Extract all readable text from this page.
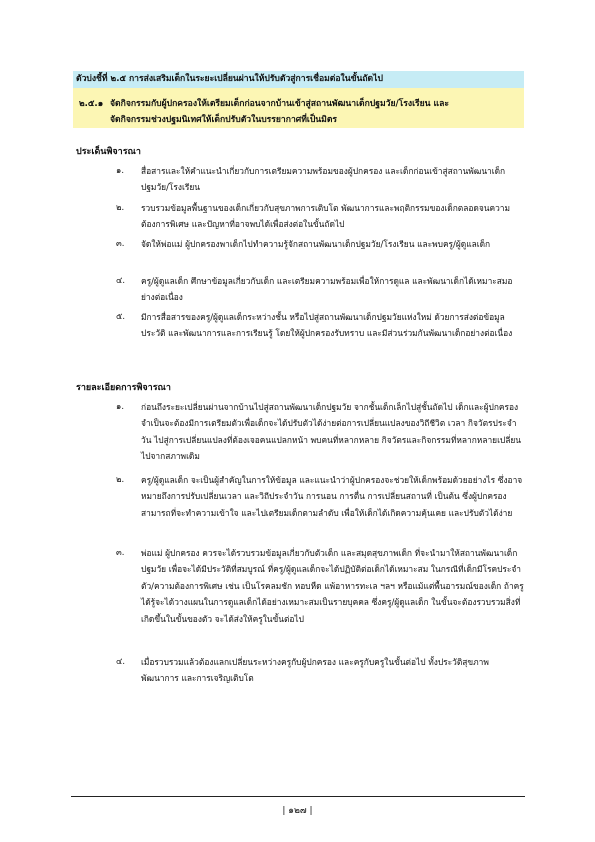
ตัวบ่งชี้ที่ ๒.๕ การส่งเสริมเด็กในระยะเปลี่ยนผ่านให้ปรับตัวสู่การเชื่อมต่อในขั้นถัดไป
๒.๕.๑ จัดกิจกรรมกับผู้ปกครองให้เตรียมเด็กก่อนจากบ้านเข้าสู่สถานพัฒนาเด็กปฐมวัย/โรงเรียน และ
จัดกิจกรรมช่วงปฐมนิเทศให้เด็กปรับตัวในบรรยากาศที่เป็นมิตร
ประเด็นพิจารณา
๑.	สื่อสารและให้คำแนะนำเกี่ยวกับการเตรียมความพร้อมของผู้ปกครอง และเด็กก่อนเข้าสู่สถานพัฒนาเด็กปฐมวัย/โรงเรียน
๒.	รวบรวมข้อมูลพื้นฐานของเด็กเกี่ยวกับสุขภาพการเติบโต พัฒนาการและพฤติกรรมของเด็กตลอดจนความต้องการพิเศษ และปัญหาที่อาจพบได้เพื่อส่งต่อในขั้นถัดไป
๓.	จัดให้พ่อแม่ ผู้ปกครองพาเด็กไปทำความรู้จักสถานพัฒนาเด็กปฐมวัย/โรงเรียน และพบครู/ผู้ดูแลเด็ก
๔.	ครู/ผู้ดูแลเด็ก ศึกษาข้อมูลเกี่ยวกับเด็ก และเตรียมความพร้อมเพื่อให้การดูแล และพัฒนาเด็กได้เหมาะสมอย่างต่อเนื่อง
๕.	มีการสื่อสารของครู/ผู้ดูแลเด็กระหว่างชั้น หรือไปสู่สถานพัฒนาเด็กปฐมวัยแห่งใหม่ ด้วยการส่งต่อข้อมูลประวัติ และพัฒนาการและการเรียนรู้ โดยให้ผู้ปกครองรับทราบ และมีส่วนร่วมกันพัฒนาเด็กอย่างต่อเนื่อง
รายละเอียดการพิจารณา
๑.	ก่อนถึงระยะเปลี่ยนผ่านจากบ้านไปสู่สถานพัฒนาเด็กปฐมวัย จากชั้นเด็กเล็กไปสู่ชั้นถัดไป เด็กและผู้ปกครองจำเป็นจะต้องมีการเตรียมตัวเพื่อเด็กจะได้ปรับตัวได้ง่ายต่อการเปลี่ยนแปลงของวิถีชีวิต เวลา กิจวัตรประจำวัน ไปสู่การเปลี่ยนแปลงที่ต้องเจอคนแปลกหน้า พบคนที่หลากหลาย กิจวัตรและกิจกรรมที่หลากหลายเปลี่ยนไปจากสภาพเดิม
๒.	ครู/ผู้ดูแลเด็ก จะเป็นผู้สำคัญในการให้ข้อมูล และแนะนำว่าผู้ปกครองจะช่วยให้เด็กพร้อมด้วยอย่างไร ซึ่งอาจหมายถึงการปรับเปลี่ยนเวลา และวิถีประจำวัน การนอน การตื่น การเปลี่ยนสถานที่ เป็นต้น ซึ่งผู้ปกครองสามารถที่จะทำความเข้าใจ และไปเตรียมเด็กตามลำดับ เพื่อให้เด็กได้เกิดความคุ้นเคย และปรับตัวได้ง่าย
๓.	พ่อแม่ ผู้ปกครอง ควรจะได้รวบรวมข้อมูลเกี่ยวกับตัวเด็ก และสมุดสุขภาพเด็ก ที่จะนำมาให้สถานพัฒนาเด็กปฐมวัย เพื่อจะได้มีประวัติที่สมบูรณ์ ที่ครู/ผู้ดูแลเด็กจะได้ปฏิบัติต่อเด็กได้เหมาะสม ในกรณีที่เด็กมีโรคประจำตัว/ความต้องการพิเศษ เช่น เป็นโรคลมชัก หอบหืด แพ้อาหารทะเล ฯลฯ หรือแม้แต่พื้นอารมณ์ของเด็ก ถ้าครูได้รู้จะได้วางแผนในการดูแลเด็กได้อย่างเหมาะสมเป็นรายบุคคล ซึ่งครู/ผู้ดูแลเด็ก ในขั้นจะต้องรวบรวมสิ่งที่เกิดขึ้นในขั้นของตัว จะได้ส่งให้ครูในขั้นต่อไป
๔.	เมื่อรวบรวมแล้วต้องแลกเปลี่ยนระหว่างครูกับผู้ปกครอง และครูกับครูในขั้นต่อไป ทั้งประวัติสุขภาพ พัฒนาการ และการเจริญเติบโต
| ๑๒๗ |
